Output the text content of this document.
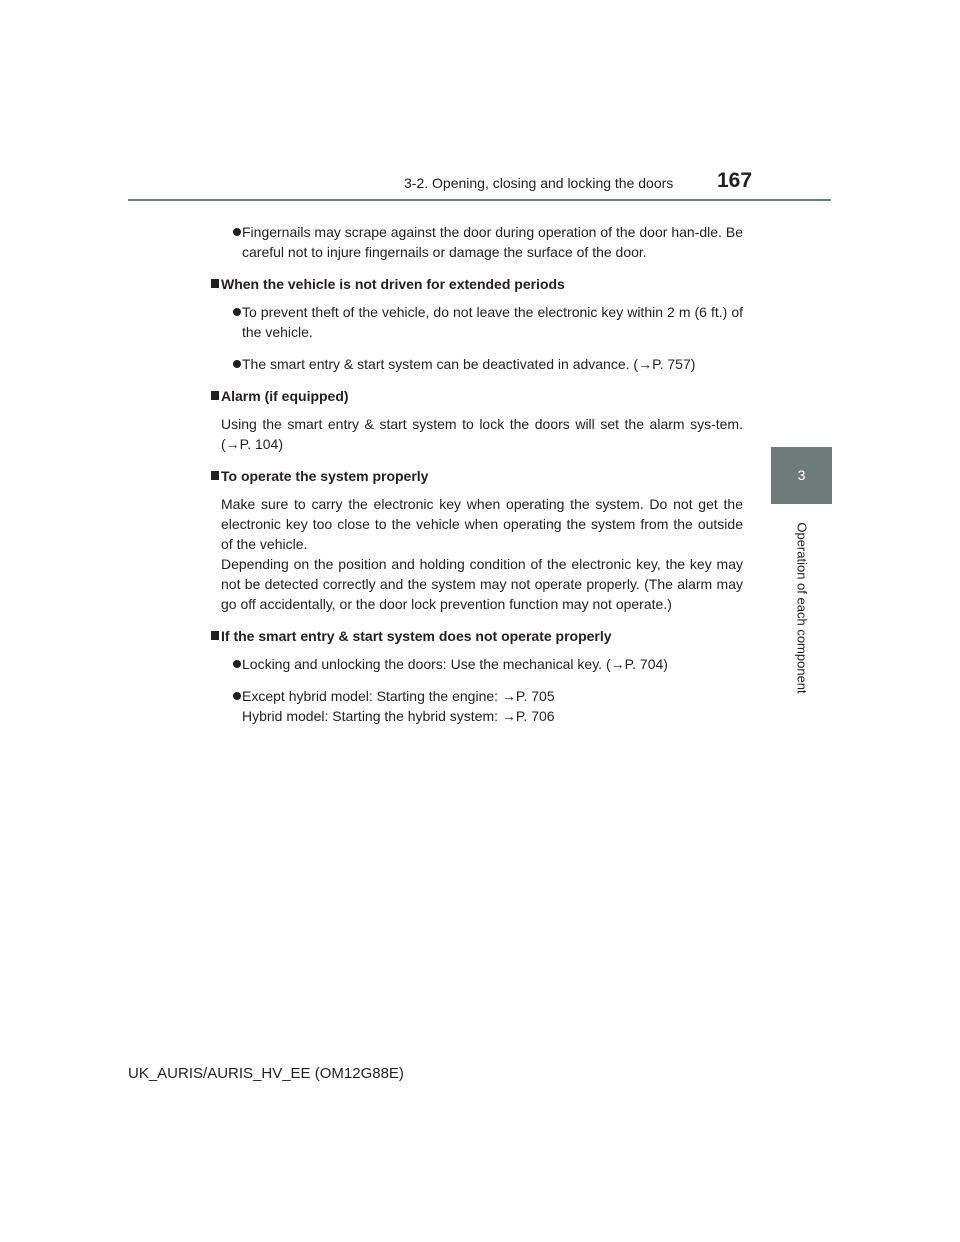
3-2. Opening, closing and locking the doors 167
3
Operation of each component

Fingernails may scrape against the door during operation of the door han-dle. Be careful not to injure fingernails or damage the surface of the door.

When the vehicle is not driven for extended periods

To prevent theft of the vehicle, do not leave the electronic key within 2 m (6 ft.) of the vehicle.

The smart entry & start system can be deactivated in advance. (→P. 757)

Alarm (if equipped)

Using the smart entry & start system to lock the doors will set the alarm sys-tem. (→P. 104)

To operate the system properly

Make sure to carry the electronic key when operating the system. Do not get the electronic key too close to the vehicle when operating the system from the outside of the vehicle.

Depending on the position and holding condition of the electronic key, the key may not be detected correctly and the system may not operate properly. (The alarm may go off accidentally, or the door lock prevention function may not operate.)

If the smart entry & start system does not operate properly

Locking and unlocking the doors: Use the mechanical key. (→P. 704)

Except hybrid model: Starting the engine: →P. 705

Hybrid model: Starting the hybrid system: →P. 706

UK_AURIS/AURIS_HV_EE (OM12G88E)
